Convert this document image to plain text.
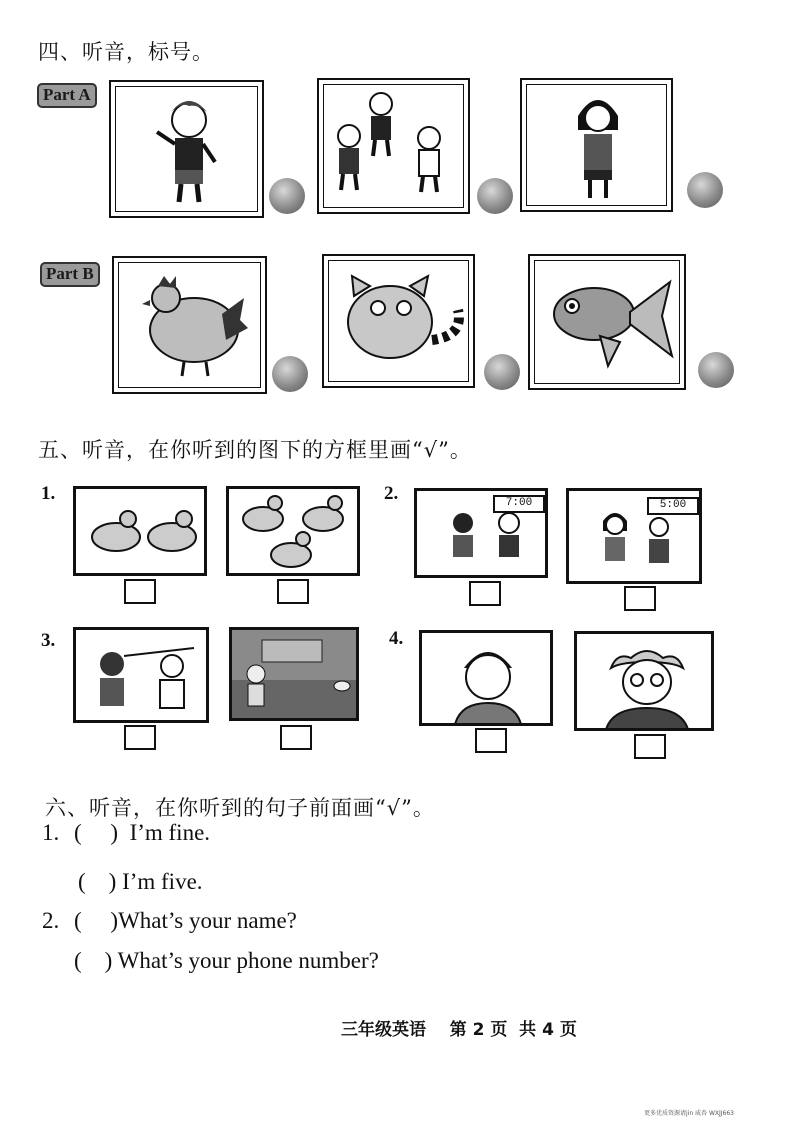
四、听音，标号。
Part A
Part B
五、听音，在你听到的图下的方框里画“√”。
1.	2.	7:00	5:00
3.	4.
六、听音，在你听到的句子前面画“√”。
1. (     )  I’m fine.
(    ) I’m five.
2. (     )What’s your name?
(    ) What’s your phone number?
三年级英语    第 2 页  共 4 页
更多优质资源请jin 威杏 WXJJ663
